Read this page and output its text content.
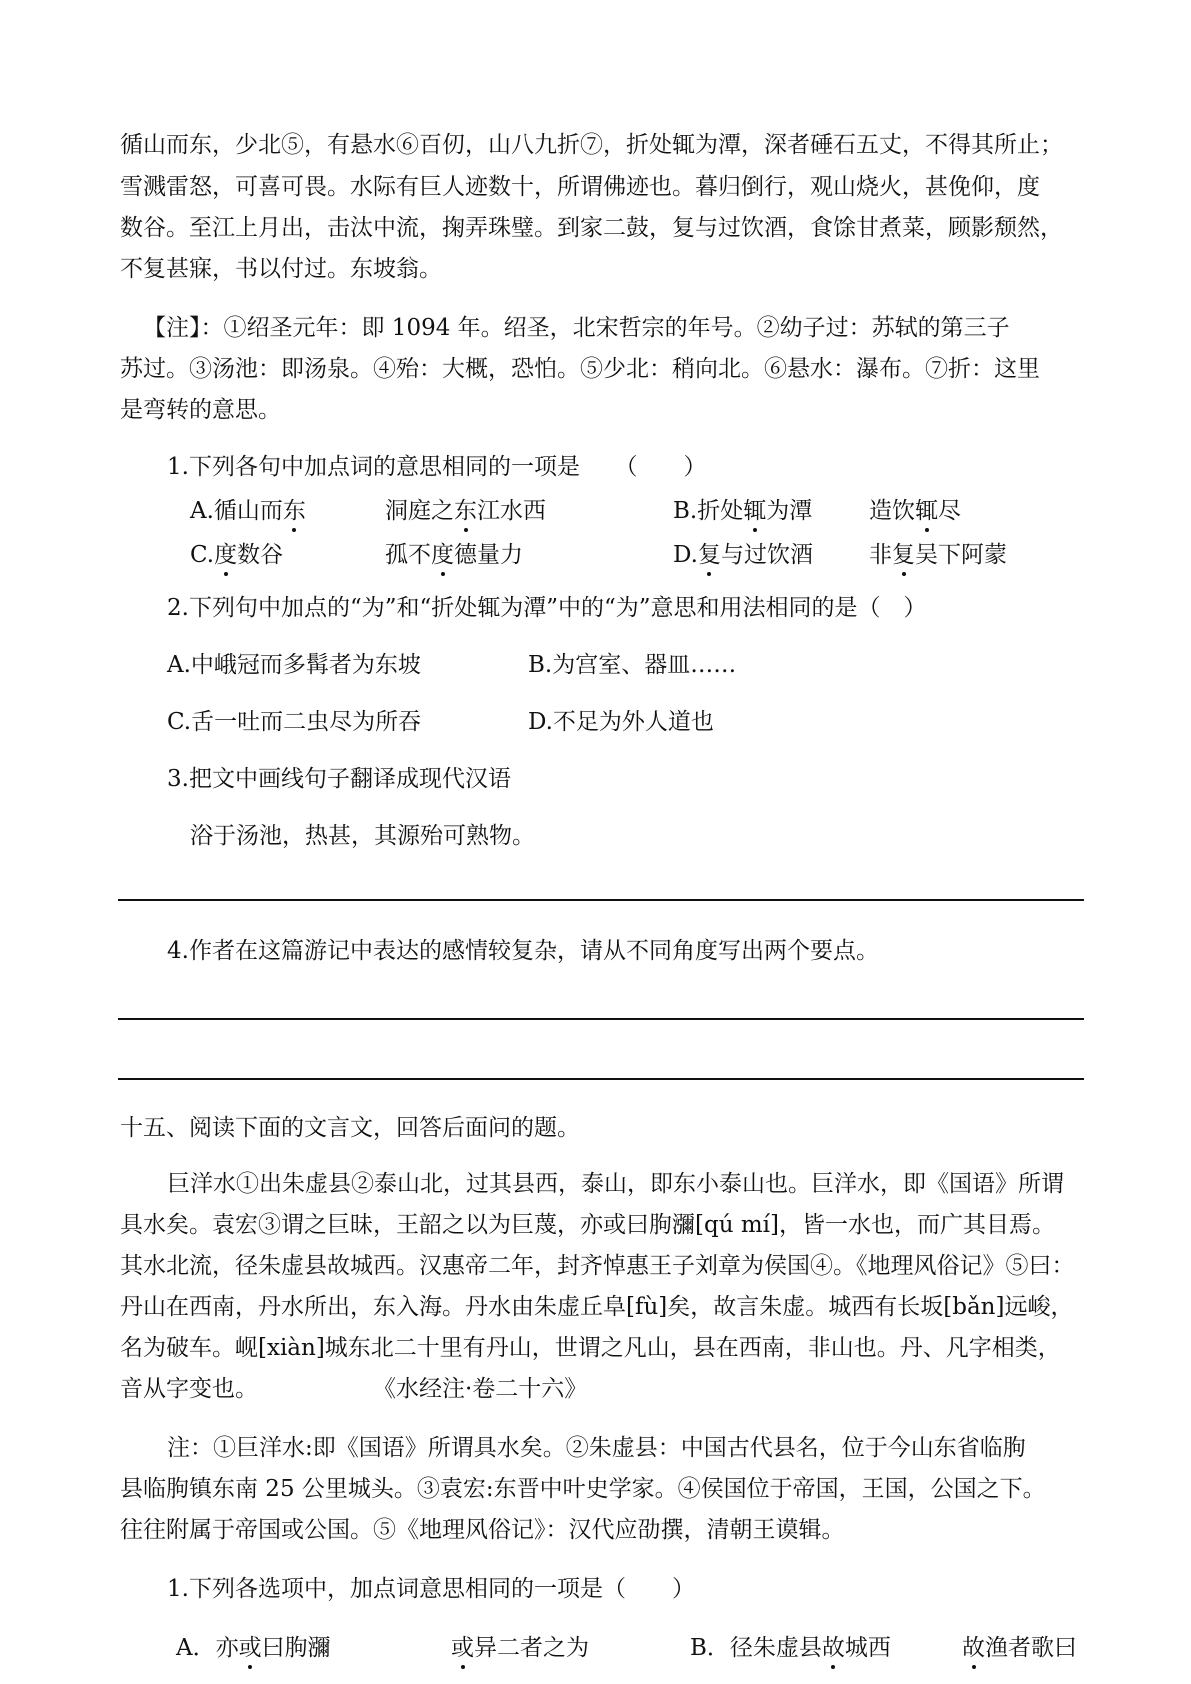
循山而东，少北⑤，有悬水⑥百仞，山八九折⑦，折处辄为潭，深者硾石五丈，不得其所止；
雪溅雷怒，可喜可畏。水际有巨人迹数十，所谓佛迹也。暮归倒行，观山烧火，甚俛仰，度
数谷。至江上月出，击汰中流，掬弄珠璧。到家二鼓，复与过饮酒，食馀甘煮菜，顾影颓然，
不复甚寐，书以付过。东坡翁。
【注】：①绍圣元年：即 1094 年。绍圣，北宋哲宗的年号。②幼子过：苏轼的第三子
苏过。③汤池：即汤泉。④殆：大概，恐怕。⑤少北：稍向北。⑥悬水：瀑布。⑦折：这里
是弯转的意思。
1.下列各句中加点词的意思相同的一项是　　（　　）
A.循山而东	洞庭之东江水西	B.折处辄为潭 造饮辄尽
C.度数谷	孤不度德量力	D.复与过饮酒 非复吴下阿蒙
2.下列句中加点的“为”和“折处辄为潭”中的“为”意思和用法相同的是（　）
A.中峨冠而多髯者为东坡	B.为宫室、器皿……
C.舌一吐而二虫尽为所吞	D.不足为外人道也
3.把文中画线句子翻译成现代汉语
浴于汤池，热甚，其源殆可熟物。
4.作者在这篇游记中表达的感情较复杂，请从不同角度写出两个要点。
十五、阅读下面的文言文，回答后面问的题。
巨洋水①出朱虚县②泰山北，过其县西，泰山，即东小泰山也。巨洋水，即《国语》所谓
具水矣。袁宏③谓之巨昧，王韶之以为巨蔑，亦或曰朐瀰[qú mí]，皆一水也，而广其目焉。
其水北流，径朱虚县故城西。汉惠帝二年，封齐悼惠王子刘章为侯国④。《地理风俗记》⑤曰：
丹山在西南，丹水所出，东入海。丹水由朱虚丘阜[fù]矣，故言朱虚。城西有长坂[bǎn]远峻，
名为破车。岘[xiàn]城东北二十里有丹山，世谓之凡山，县在西南，非山也。丹、凡字相类，
音从字变也。　　　　　　《水经注·卷二十六》
注：①巨洋水:即《国语》所谓具水矣。②朱虚县：中国古代县名，位于今山东省临朐
县临朐镇东南 25 公里城头。③袁宏:东晋中叶史学家。④侯国位于帝国，王国，公国之下。
往往附属于帝国或公国。⑤《地理风俗记》：汉代应劭撰，清朝王谟辑。
1.下列各选项中，加点词意思相同的一项是（　　）
A．亦或曰朐瀰	或异二者之为	B．径朱虚县故城西	故渔者歌曰
